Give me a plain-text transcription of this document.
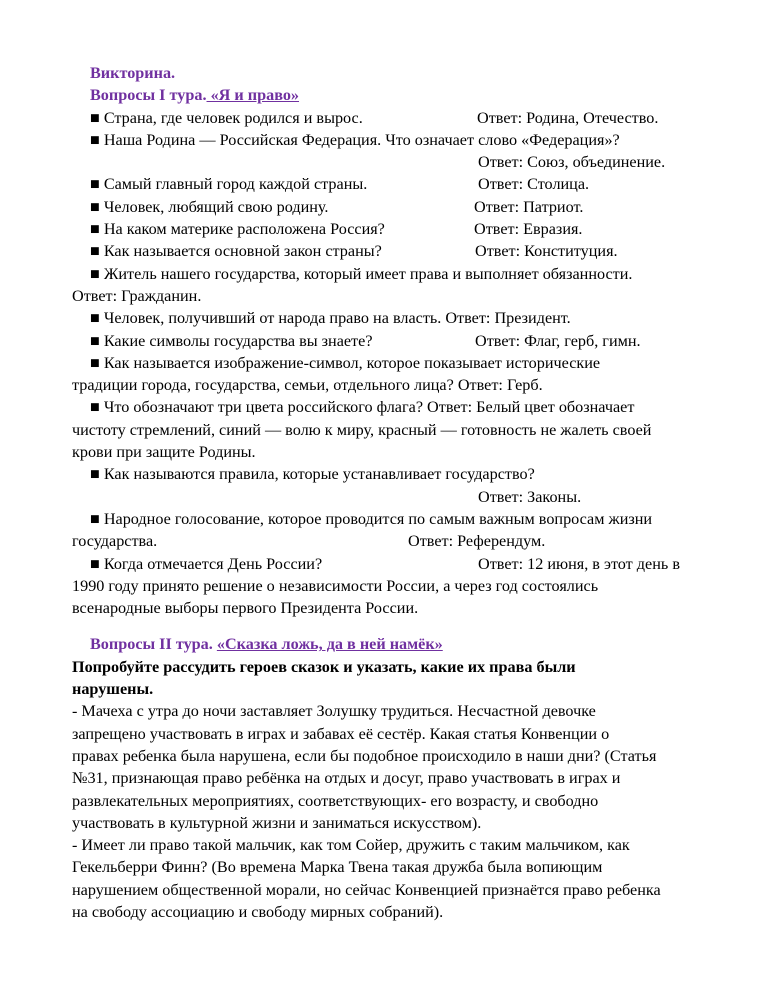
Викторина.
Вопросы I тура. «Я и право»
■ Страна, где человек родился и вырос.	Ответ: Родина, Отечество.
■ Наша Родина — Российская Федерация. Что означает слово «Федерация»?
Ответ: Союз, объединение.
■ Самый главный город каждой страны.	Ответ: Столица.
■ Человек, любящий свою родину.	Ответ: Патриот.
■ На каком материке расположена Россия?	Ответ: Евразия.
■ Как называется основной закон страны?	Ответ: Конституция.
■ Житель нашего государства, который имеет права и выполняет обязанности.
Ответ: Гражданин.
■ Человек, получивший от народа право на власть. Ответ: Президент.
■ Какие символы государства вы знаете?	Ответ: Флаг, герб, гимн.
■ Как называется изображение-символ, которое показывает исторические
традиции города, государства, семьи, отдельного лица? Ответ: Герб.
■ Что обозначают три цвета российского флага? Ответ: Белый цвет обозначает
чистоту стремлений, синий — волю к миру, красный — готовность не жалеть своей
крови при защите Родины.
■ Как называются правила, которые устанавливает государство?
Ответ: Законы.
■ Народное голосование, которое проводится по самым важным вопросам жизни
государства.	Ответ: Референдум.
■ Когда отмечается День России?	Ответ: 12 июня, в этот день в
1990 году принято решение о независимости России, а через год состоялись
всенародные выборы первого Президента России.
Вопросы II тура. «Сказка ложь, да в ней намёк»
Попробуйте рассудить героев сказок и указать, какие их права были
нарушены.
- Мачеха с утра до ночи заставляет Золушку трудиться. Несчастной девочке
запрещено участвовать в играх и забавах её сестёр. Какая статья Конвенции о
правах ребенка была нарушена, если бы подобное происходило в наши дни? (Статья
№31, признающая право ребёнка на отдых и досуг, право участвовать в играх и
развлекательных мероприятиях, соответствующих- его возрасту, и свободно
участвовать в культурной жизни и заниматься искусством).
- Имеет ли право такой мальчик, как том Сойер, дружить с таким мальчиком, как
Гекельберри Финн? (Во времена Марка Твена такая дружба была вопиющим
нарушением общественной морали, но сейчас Конвенцией признаётся право ребенка
на свободу ассоциацию и свободу мирных собраний).
